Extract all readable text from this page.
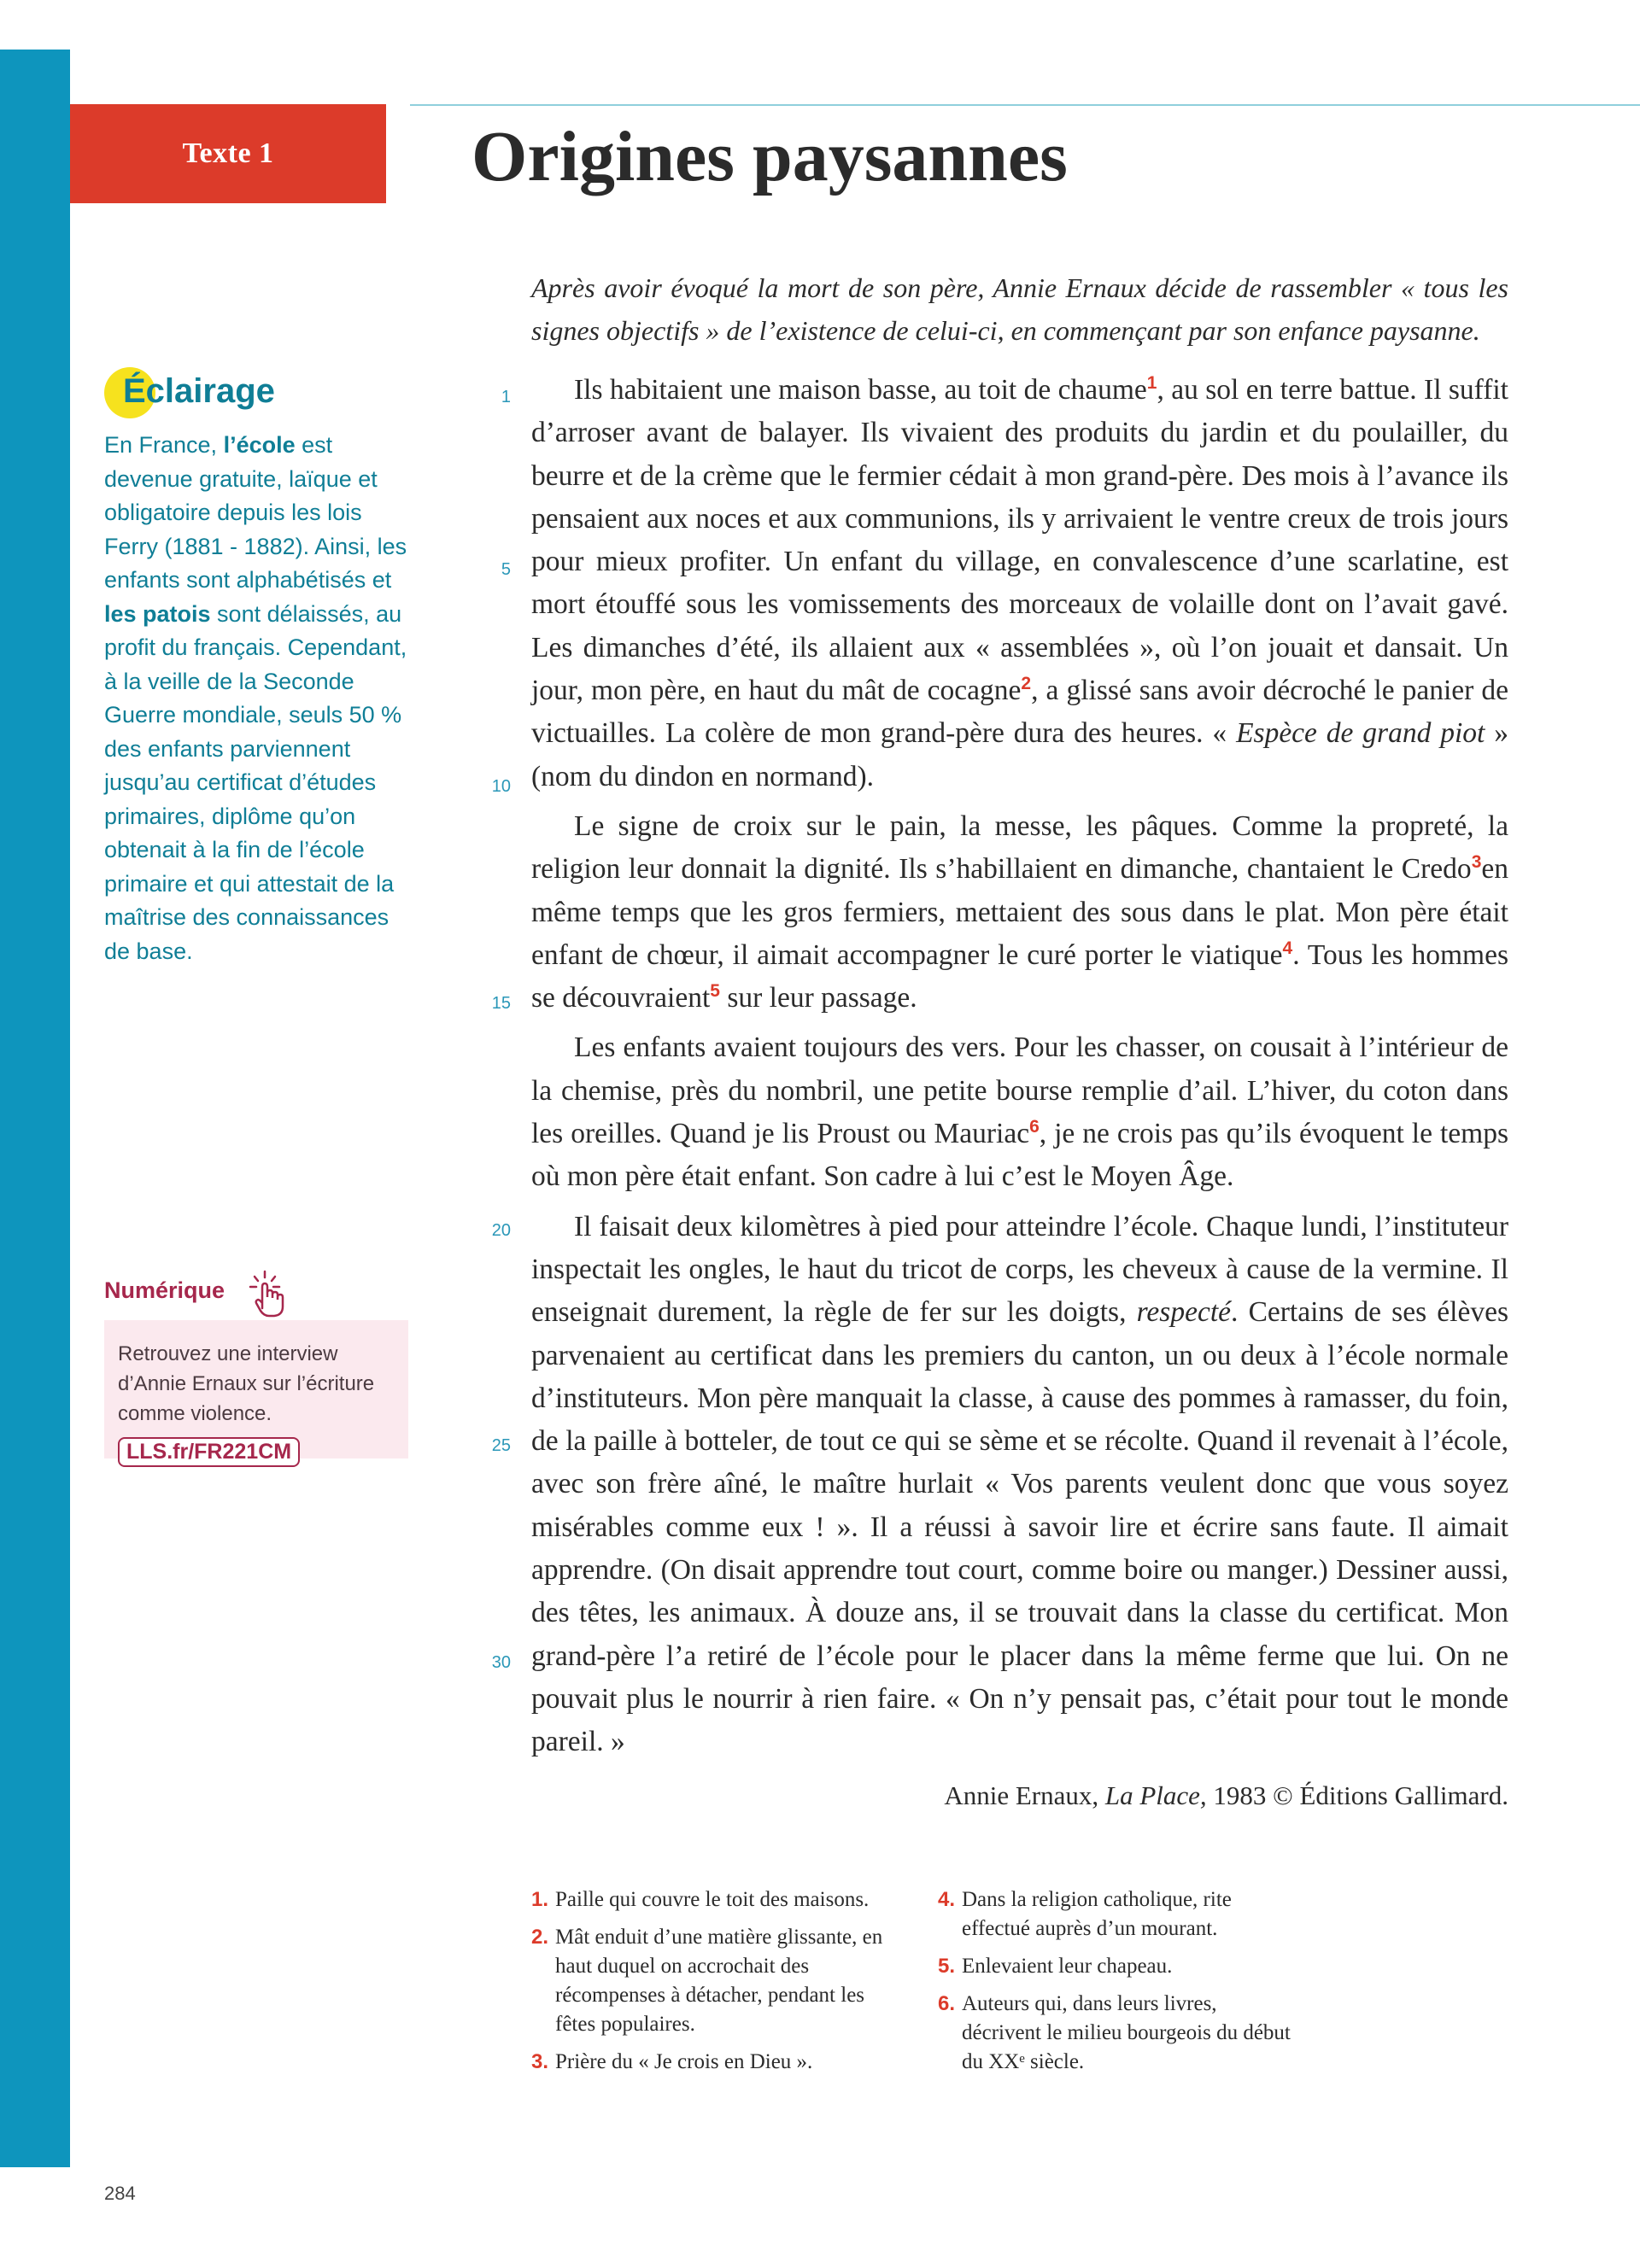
Texte 1	Origines paysannes
Éclairage
En France, l’école est devenue gratuite, laïque et obligatoire depuis les lois Ferry (1881 - 1882). Ainsi, les enfants sont alphabétisés et les patois sont délaissés, au profit du français. Cependant, à la veille de la Seconde Guerre mondiale, seuls 50 % des enfants parviennent jusqu’au certificat d’études primaires, diplôme qu’on obtenait à la fin de l’école primaire et qui attestait de la maîtrise des connaissances de base.
Numérique
Retrouvez une interview d’Annie Ernaux sur l’écriture comme violence.
LLS.fr/FR221CM

Après avoir évoqué la mort de son père, Annie Ernaux décide de rassembler « tous les signes objectifs » de l’existence de celui-ci, en commençant par son enfance paysanne.

1
5
10
15
20
25
30

Ils habitaient une maison basse, au toit de chaume$^1$, au sol en terre battue. Il suffit d’arroser avant de balayer. Ils vivaient des produits du jardin et du poulailler, du beurre et de la crème que le fermier cédait à mon grand-père. Des mois à l’avance ils pensaient aux noces et aux communions, ils y arrivaient le ventre creux de trois jours pour mieux profiter. Un enfant du village, en convalescence d’une scarlatine, est mort étouffé sous les vomissements des morceaux de volaille dont on l’avait gavé. Les dimanches d’été, ils allaient aux « assemblées », où l’on jouait et dansait. Un jour, mon père, en haut du mât de cocagne$^2$, a glissé sans avoir décroché le panier de victuailles. La colère de mon grand-père dura des heures. « Espèce de grand piot » (nom du dindon en normand).

Le signe de croix sur le pain, la messe, les pâques. Comme la propreté, la religion leur donnait la dignité. Ils s’habillaient en dimanche, chantaient le Credo$^3$en même temps que les gros fermiers, mettaient des sous dans le plat. Mon père était enfant de chœur, il aimait accompagner le curé porter le viatique$^4$. Tous les hommes se découvraient$^5$ sur leur passage.

Les enfants avaient toujours des vers. Pour les chasser, on cousait à l’intérieur de la chemise, près du nombril, une petite bourse remplie d’ail. L’hiver, du coton dans les oreilles. Quand je lis Proust ou Mauriac$^6$, je ne crois pas qu’ils évoquent le temps où mon père était enfant. Son cadre à lui c’est le Moyen Âge.

Il faisait deux kilomètres à pied pour atteindre l’école. Chaque lundi, l’instituteur inspectait les ongles, le haut du tricot de corps, les cheveux à cause de la vermine. Il enseignait durement, la règle de fer sur les doigts, respecté. Certains de ses élèves parvenaient au certificat dans les premiers du canton, un ou deux à l’école normale d’instituteurs. Mon père manquait la classe, à cause des pommes à ramasser, du foin, de la paille à botteler, de tout ce qui se sème et se récolte. Quand il revenait à l’école, avec son frère aîné, le maître hurlait « Vos parents veulent donc que vous soyez misérables comme eux ! ». Il a réussi à savoir lire et écrire sans faute. Il aimait apprendre. (On disait apprendre tout court, comme boire ou manger.) Dessiner aussi, des têtes, les animaux. À douze ans, il se trouvait dans la classe du certificat. Mon grand-père l’a retiré de l’école pour le placer dans la même ferme que lui. On ne pouvait plus le nourrir à rien faire. « On n’y pensait pas, c’était pour tout le monde pareil. »

Annie Ernaux, La Place, 1983 © Éditions Gallimard.
1. Paille qui couvre le toit des maisons.
2. Mât enduit d’une matière glissante, en haut duquel on accrochait des récompenses à détacher, pendant les fêtes populaires.
3. Prière du « Je crois en Dieu ».
4. Dans la religion catholique, rite effectué auprès d’un mourant.
5. Enlevaient leur chapeau.
6. Auteurs qui, dans leurs livres, décrivent le milieu bourgeois du début du XXᵉ siècle.
284
